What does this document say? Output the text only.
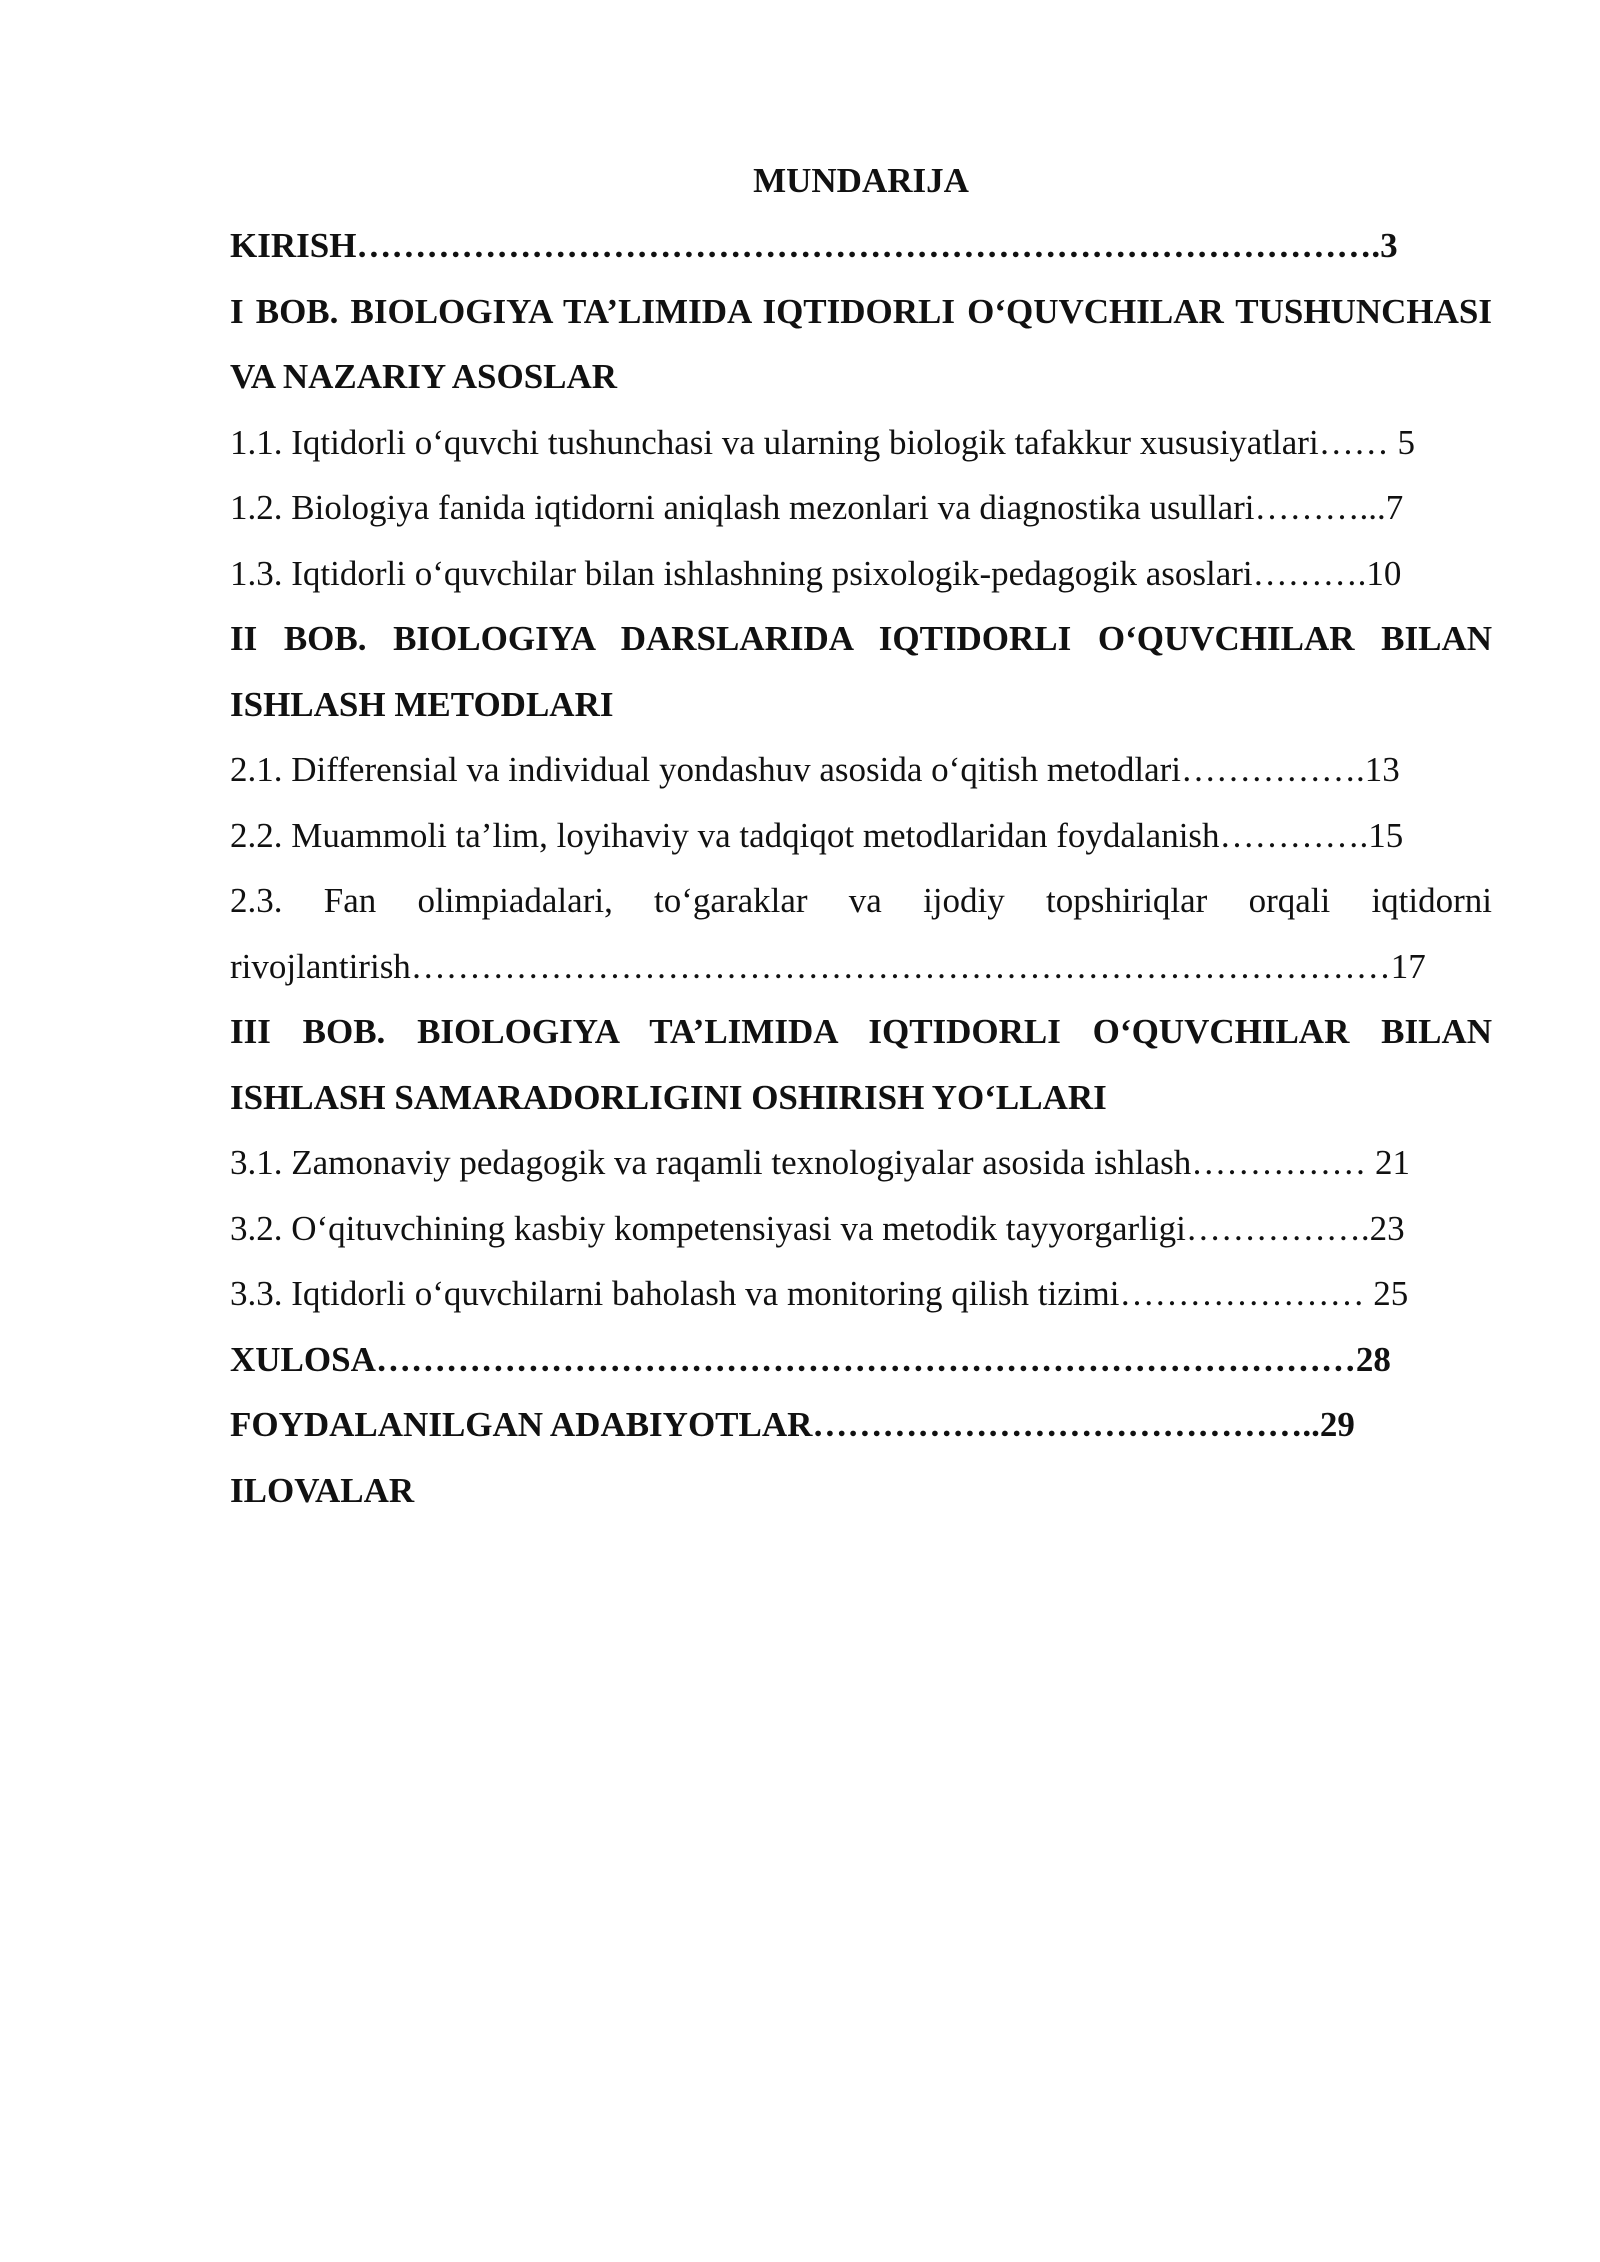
MUNDARIJA

KIRISH…………………………………………………………………………….3

I BOB. BIOLOGIYA TA’LIMIDA IQTIDORLI O‘QUVCHILAR TUSHUNCHASI VA NAZARIY ASOSLAR

1.1. Iqtidorli o‘quvchi tushunchasi va ularning biologik tafakkur xususiyatlari…… 5

1.2. Biologiya fanida iqtidorni aniqlash mezonlari va diagnostika usullari………...7

1.3. Iqtidorli o‘quvchilar bilan ishlashning psixologik-pedagogik asoslari……….10

II BOB. BIOLOGIYA DARSLARIDA IQTIDORLI O‘QUVCHILAR BILAN ISHLASH METODLARI

2.1. Differensial va individual yondashuv asosida o‘qitish metodlari…………….13

2.2. Muammoli ta’lim, loyihaviy va tadqiqot metodlaridan foydalanish………….15

2.3. Fan olimpiadalari, to‘garaklar va ijodiy topshiriqlar orqali iqtidorni rivojlantirish…………………………………………………………………………17

III BOB. BIOLOGIYA TA’LIMIDA IQTIDORLI O‘QUVCHILAR BILAN ISHLASH SAMARADORLIGINI OSHIRISH YO‘LLARI

3.1. Zamonaviy pedagogik va raqamli texnologiyalar asosida ishlash…………… 21

3.2. O‘qituvchining kasbiy kompetensiyasi va metodik tayyorgarligi…………….23

3.3. Iqtidorli o‘quvchilarni baholash va monitoring qilish tizimi………………… 25

XULOSA…………………………………………………………………………28

FOYDALANILGAN ADABIYOTLAR……………………………………..29

ILOVALAR
